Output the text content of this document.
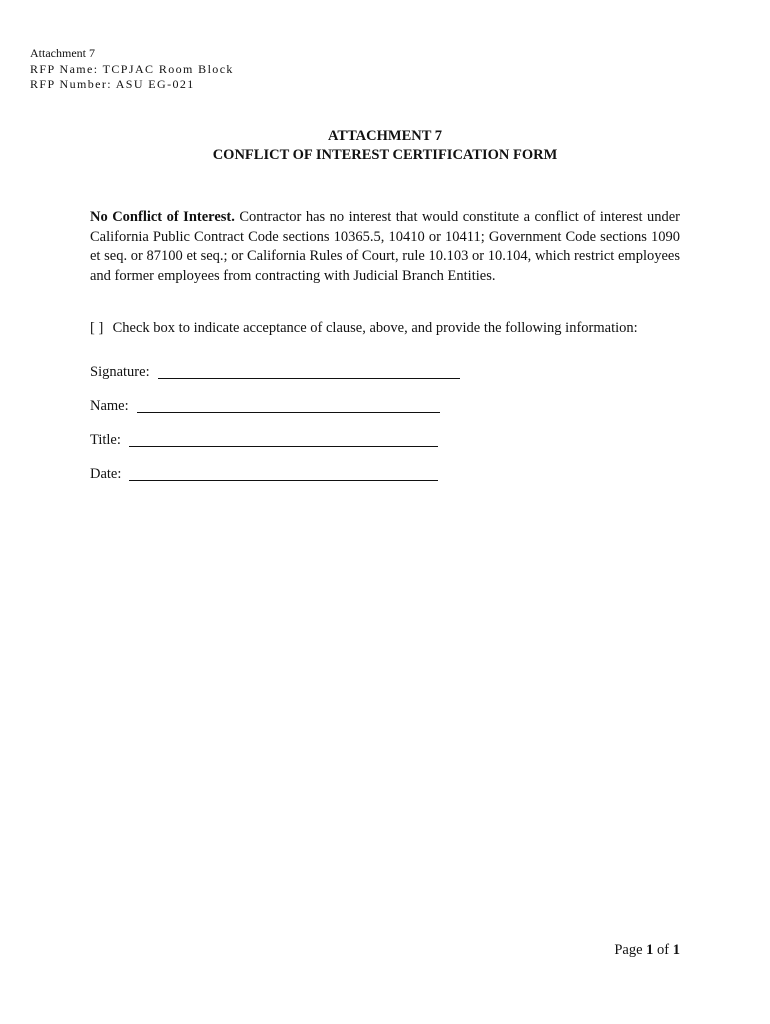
Attachment 7
RFP Name: TCPJAC Room Block
RFP Number: ASU EG-021
ATTACHMENT 7
CONFLICT OF INTEREST CERTIFICATION FORM
No Conflict of Interest. Contractor has no interest that would constitute a conflict of interest under California Public Contract Code sections 10365.5, 10410 or 10411; Government Code sections 1090 et seq. or 87100 et seq.; or California Rules of Court, rule 10.103 or 10.104, which restrict employees and former employees from contracting with Judicial Branch Entities.
[ ] Check box to indicate acceptance of clause, above, and provide the following information:
Signature:
Name:
Title:
Date:
Page 1 of 1
